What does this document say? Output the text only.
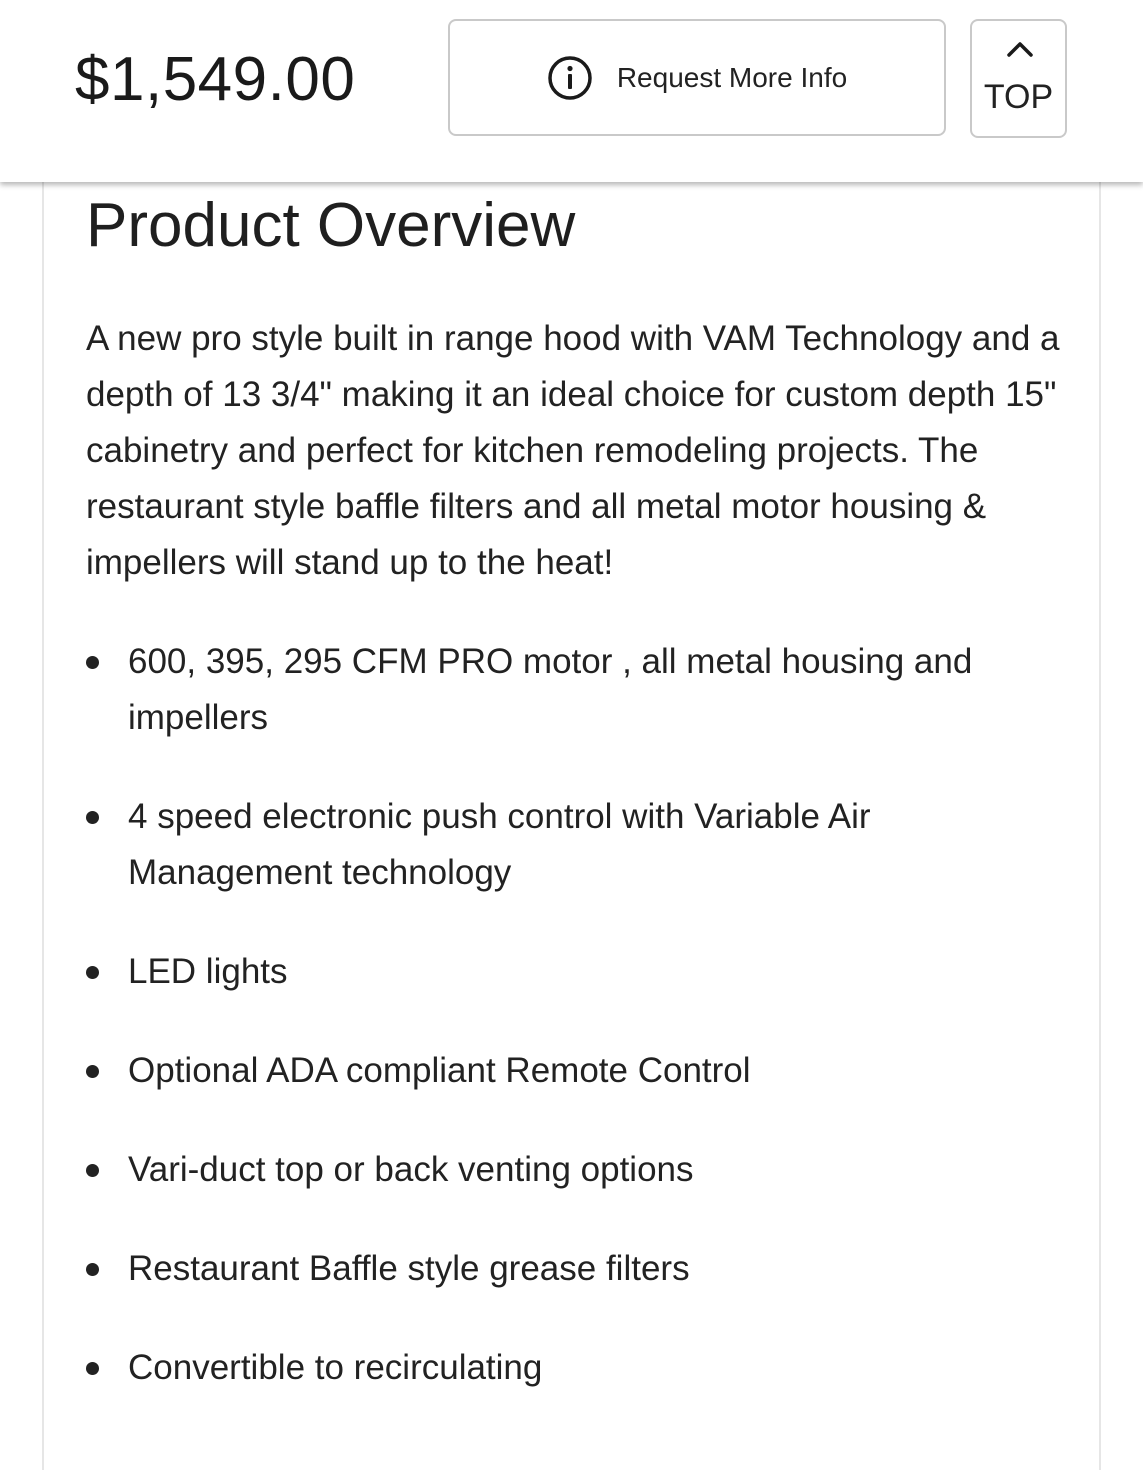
$1,549.00	Request More Info
TOP
Product Overview

A new pro style built in range hood with VAM Technology and a depth of 13 3/4" making it an ideal choice for custom depth 15" cabinetry and perfect for kitchen remodeling projects. The restaurant style baffle filters and all metal motor housing & impellers will stand up to the heat!

600, 395, 295 CFM PRO motor , all metal housing and impellers
4 speed electronic push control with Variable Air Management technology
LED lights
Optional ADA compliant Remote Control
Vari-duct top or back venting options
Restaurant Baffle style grease filters
Convertible to recirculating
